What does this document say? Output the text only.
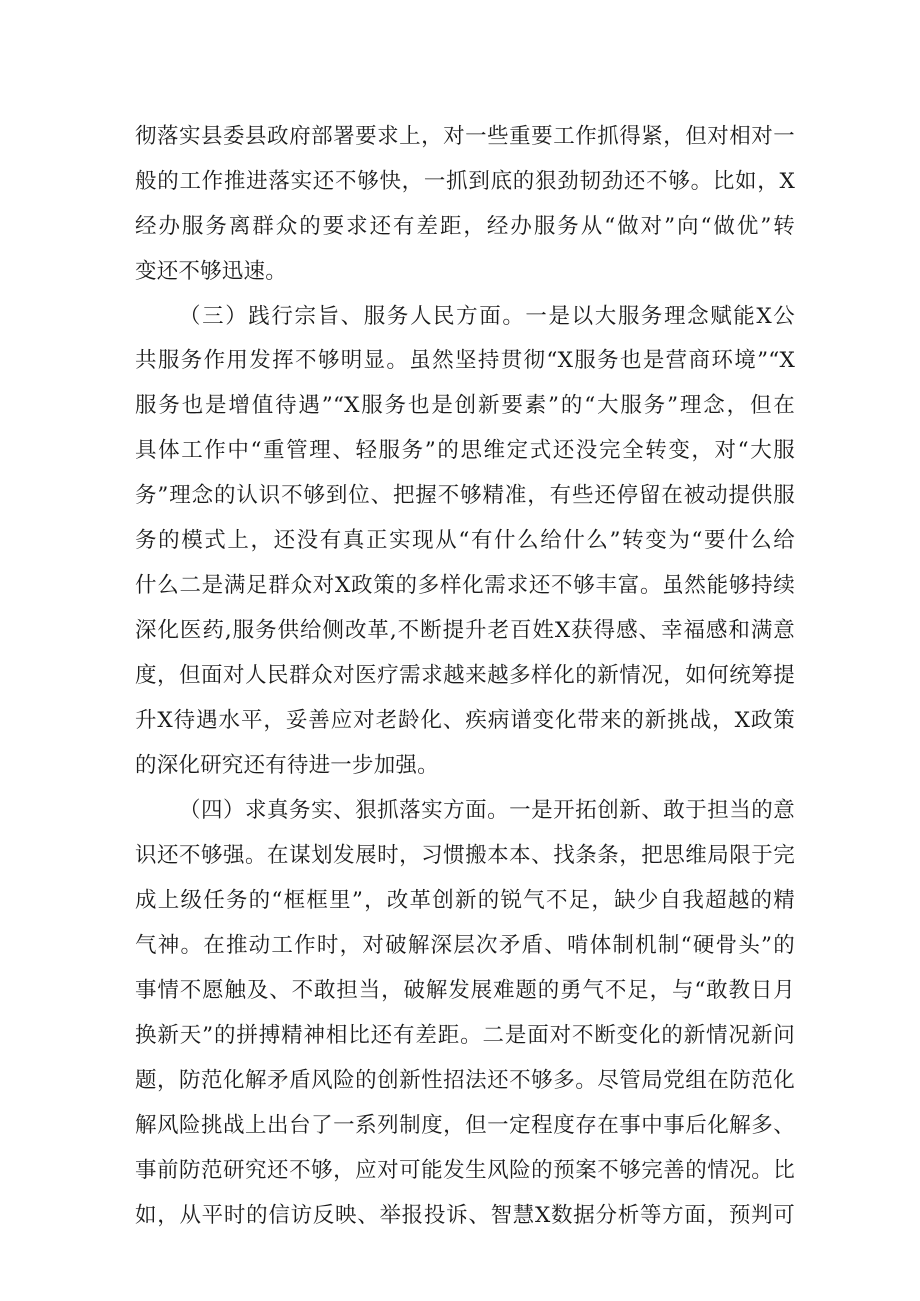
彻落实县委县政府部署要求上，对一些重要工作抓得紧，但对相对一
般的工作推进落实还不够快，一抓到底的狠劲韧劲还不够。比如，X
经办服务离群众的要求还有差距，经办服务从“做对”向“做优”转
变还不够迅速。
（三）践行宗旨、服务人民方面。一是以大服务理念赋能X公
共服务作用发挥不够明显。虽然坚持贯彻“X服务也是营商环境”“X
服务也是增值待遇”“X服务也是创新要素”的“大服务”理念，但在
具体工作中“重管理、轻服务”的思维定式还没完全转变，对“大服
务”理念的认识不够到位、把握不够精准，有些还停留在被动提供服
务的模式上，还没有真正实现从“有什么给什么”转变为“要什么给
什么二是满足群众对X政策的多样化需求还不够丰富。虽然能够持续
深化医药,服务供给侧改革,不断提升老百姓X获得感、幸福感和满意
度，但面对人民群众对医疗需求越来越多样化的新情况，如何统筹提
升X待遇水平，妥善应对老龄化、疾病谱变化带来的新挑战，X政策
的深化研究还有待进一步加强。
（四）求真务实、狠抓落实方面。一是开拓创新、敢于担当的意
识还不够强。在谋划发展时，习惯搬本本、找条条，把思维局限于完
成上级任务的“框框里”，改革创新的锐气不足，缺少自我超越的精
气神。在推动工作时，对破解深层次矛盾、啃体制机制“硬骨头”的
事情不愿触及、不敢担当，破解发展难题的勇气不足，与“敢教日月
换新天”的拼搏精神相比还有差距。二是面对不断变化的新情况新问
题，防范化解矛盾风险的创新性招法还不够多。尽管局党组在防范化
解风险挑战上出台了一系列制度，但一定程度存在事中事后化解多、
事前防范研究还不够，应对可能发生风险的预案不够完善的情况。比
如，从平时的信访反映、举报投诉、智慧X数据分析等方面，预判可
